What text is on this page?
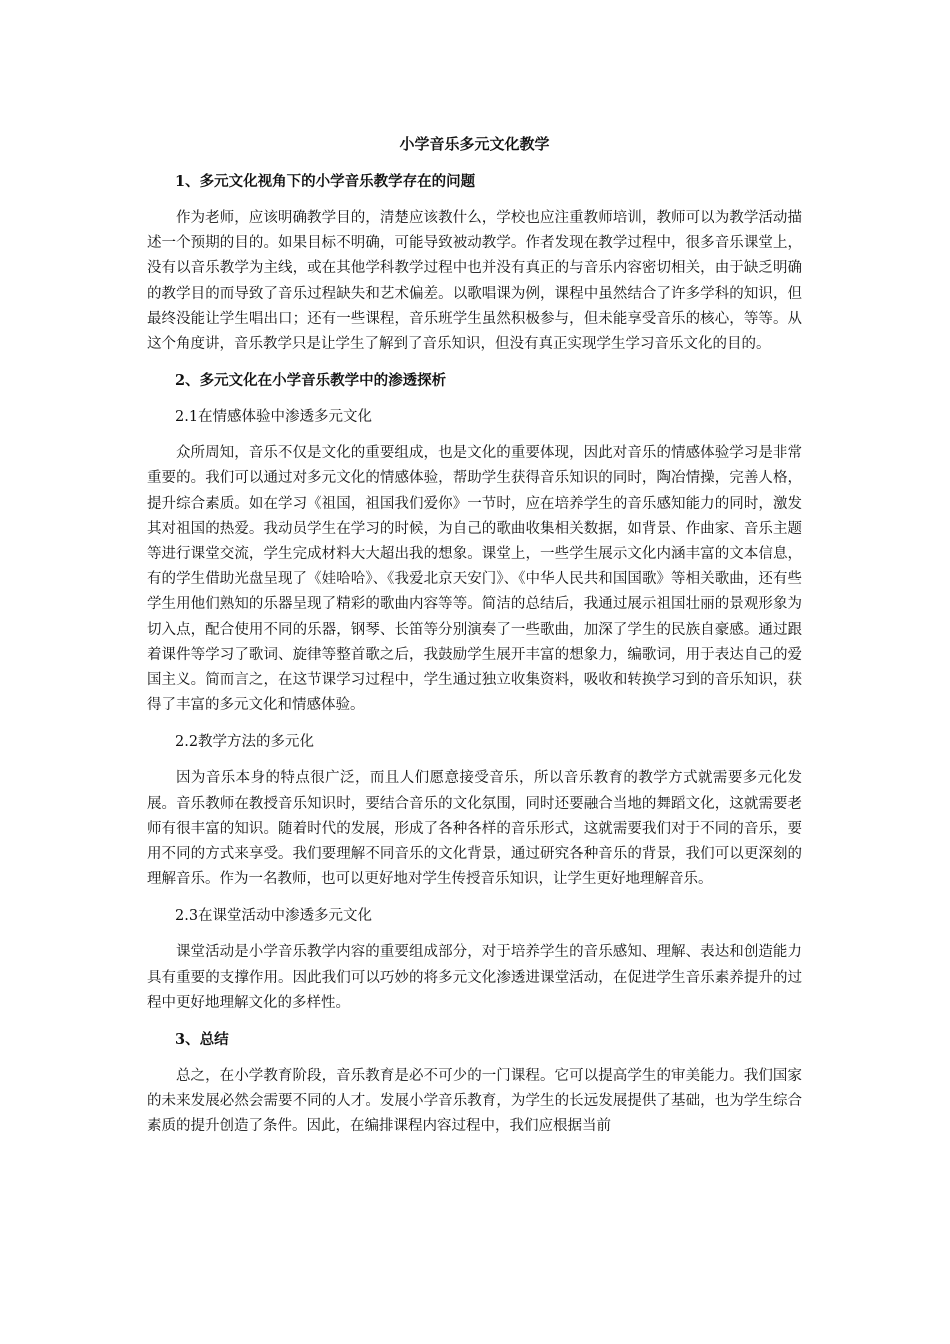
小学音乐多元文化教学
1、多元文化视角下的小学音乐教学存在的问题

作为老师，应该明确教学目的，清楚应该教什么，学校也应注重教师培训，教师可以为教学活动描述一个预期的目的。如果目标不明确，可能导致被动教学。作者发现在教学过程中，很多音乐课堂上，没有以音乐教学为主线，或在其他学科教学过程中也并没有真正的与音乐内容密切相关，由于缺乏明确的教学目的而导致了音乐过程缺失和艺术偏差。以歌唱课为例，课程中虽然结合了许多学科的知识，但最终没能让学生唱出口；还有一些课程，音乐班学生虽然积极参与，但未能享受音乐的核心，等等。从这个角度讲，音乐教学只是让学生了解到了音乐知识，但没有真正实现学生学习音乐文化的目的。

2、多元文化在小学音乐教学中的渗透探析
2.1在情感体验中渗透多元文化

众所周知，音乐不仅是文化的重要组成，也是文化的重要体现，因此对音乐的情感体验学习是非常重要的。我们可以通过对多元文化的情感体验，帮助学生获得音乐知识的同时，陶冶情操，完善人格，提升综合素质。如在学习《祖国，祖国我们爱你》一节时，应在培养学生的音乐感知能力的同时，激发其对祖国的热爱。我动员学生在学习的时候，为自己的歌曲收集相关数据，如背景、作曲家、音乐主题等进行课堂交流，学生完成材料大大超出我的想象。课堂上，一些学生展示文化内涵丰富的文本信息，有的学生借助光盘呈现了《娃哈哈》、《我爱北京天安门》、《中华人民共和国国歌》等相关歌曲，还有些学生用他们熟知的乐器呈现了精彩的歌曲内容等等。简洁的总结后，我通过展示祖国壮丽的景观形象为切入点，配合使用不同的乐器，钢琴、长笛等分别演奏了一些歌曲，加深了学生的民族自豪感。通过跟着课件等学习了歌词、旋律等整首歌之后，我鼓励学生展开丰富的想象力，编歌词，用于表达自己的爱国主义。简而言之，在这节课学习过程中，学生通过独立收集资料，吸收和转换学习到的音乐知识，获得了丰富的多元文化和情感体验。

2.2教学方法的多元化

因为音乐本身的特点很广泛，而且人们愿意接受音乐，所以音乐教育的教学方式就需要多元化发展。音乐教师在教授音乐知识时，要结合音乐的文化氛围，同时还要融合当地的舞蹈文化，这就需要老师有很丰富的知识。随着时代的发展，形成了各种各样的音乐形式，这就需要我们对于不同的音乐，要用不同的方式来享受。我们要理解不同音乐的文化背景，通过研究各种音乐的背景，我们可以更深刻的理解音乐。作为一名教师，也可以更好地对学生传授音乐知识，让学生更好地理解音乐。

2.3在课堂活动中渗透多元文化

课堂活动是小学音乐教学内容的重要组成部分，对于培养学生的音乐感知、理解、表达和创造能力具有重要的支撑作用。因此我们可以巧妙的将多元文化渗透进课堂活动，在促进学生音乐素养提升的过程中更好地理解文化的多样性。

3、总结

总之，在小学教育阶段，音乐教育是必不可少的一门课程。它可以提高学生的审美能力。我们国家的未来发展必然会需要不同的人才。发展小学音乐教育，为学生的长远发展提供了基础，也为学生综合素质的提升创造了条件。因此，在编排课程内容过程中，我们应根据当前
